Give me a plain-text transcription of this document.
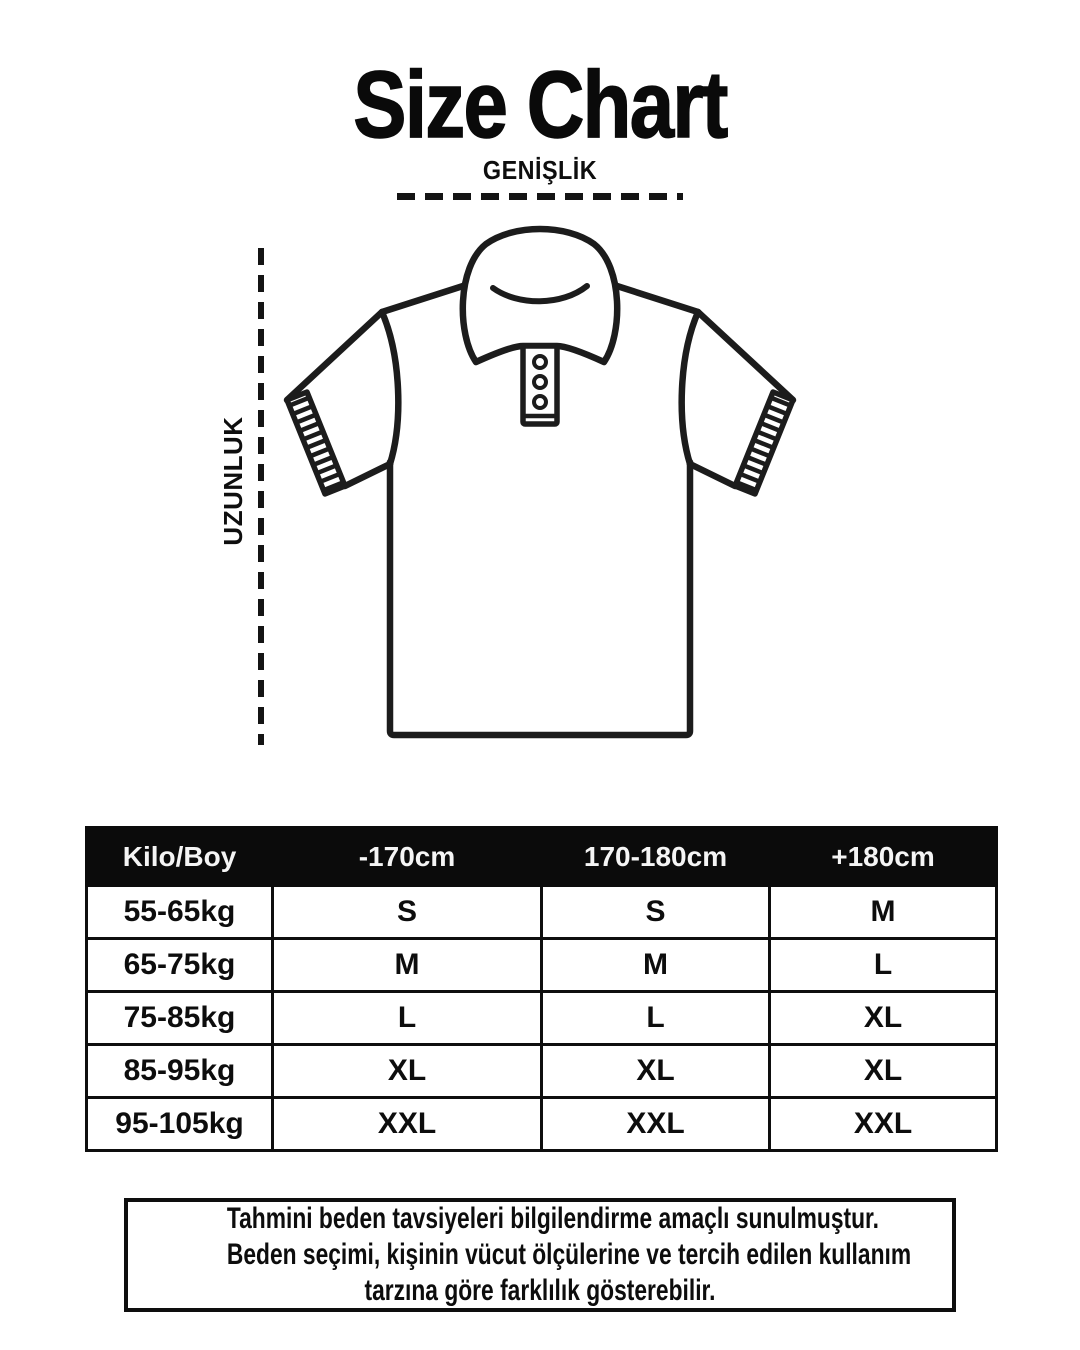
Size Chart
GENİŞLİK
UZUNLUK
Kilo/Boy	-170cm	170-180cm	+180cm
55-65kg	S	S	M
65-75kg	M	M	L
75-85kg	L	L	XL
85-95kg	XL	XL	XL
95-105kg	XXL	XXL	XXL
Tahmini beden tavsiyeleri bilgilendirme amaçlı sunulmuştur.
Beden seçimi, kişinin vücut ölçülerine ve tercih edilen kullanım
tarzına göre farklılık gösterebilir.
